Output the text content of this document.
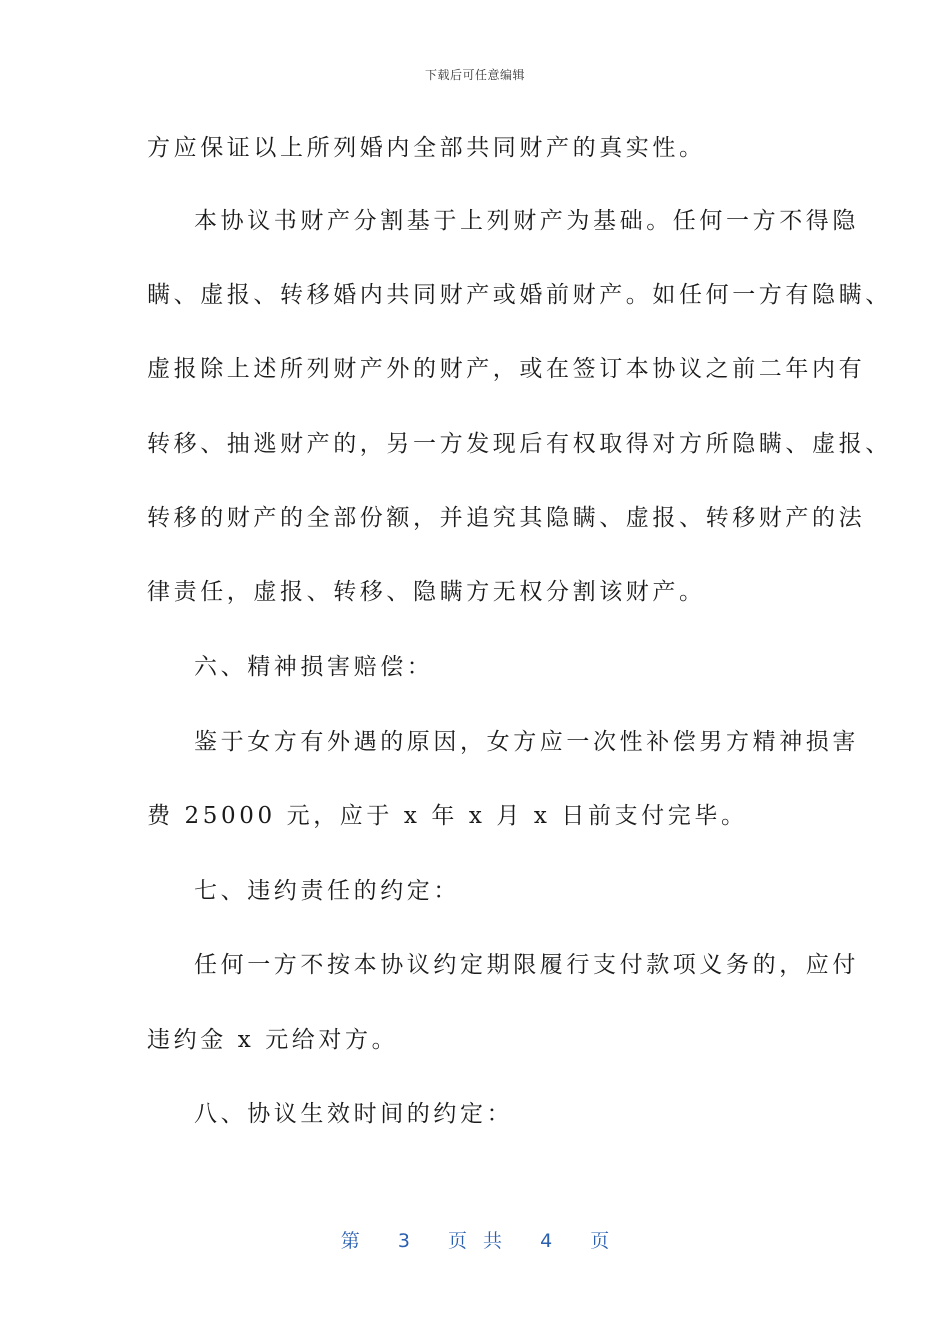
下载后可任意编辑
方应保证以上所列婚内全部共同财产的真实性。
本协议书财产分割基于上列财产为基础。任何一方不得隐
瞒、虚报、转移婚内共同财产或婚前财产。如任何一方有隐瞒、
虚报除上述所列财产外的财产，或在签订本协议之前二年内有
转移、抽逃财产的，另一方发现后有权取得对方所隐瞒、虚报、
转移的财产的全部份额，并追究其隐瞒、虚报、转移财产的法
律责任，虚报、转移、隐瞒方无权分割该财产。
六、精神损害赔偿：
鉴于女方有外遇的原因，女方应一次性补偿男方精神损害
费 25000 元，应于 x 年 x 月 x 日前支付完毕。
七、违约责任的约定：
任何一方不按本协议约定期限履行支付款项义务的，应付
违约金 x 元给对方。
八、协议生效时间的约定：
第 3 页 共 4 页
